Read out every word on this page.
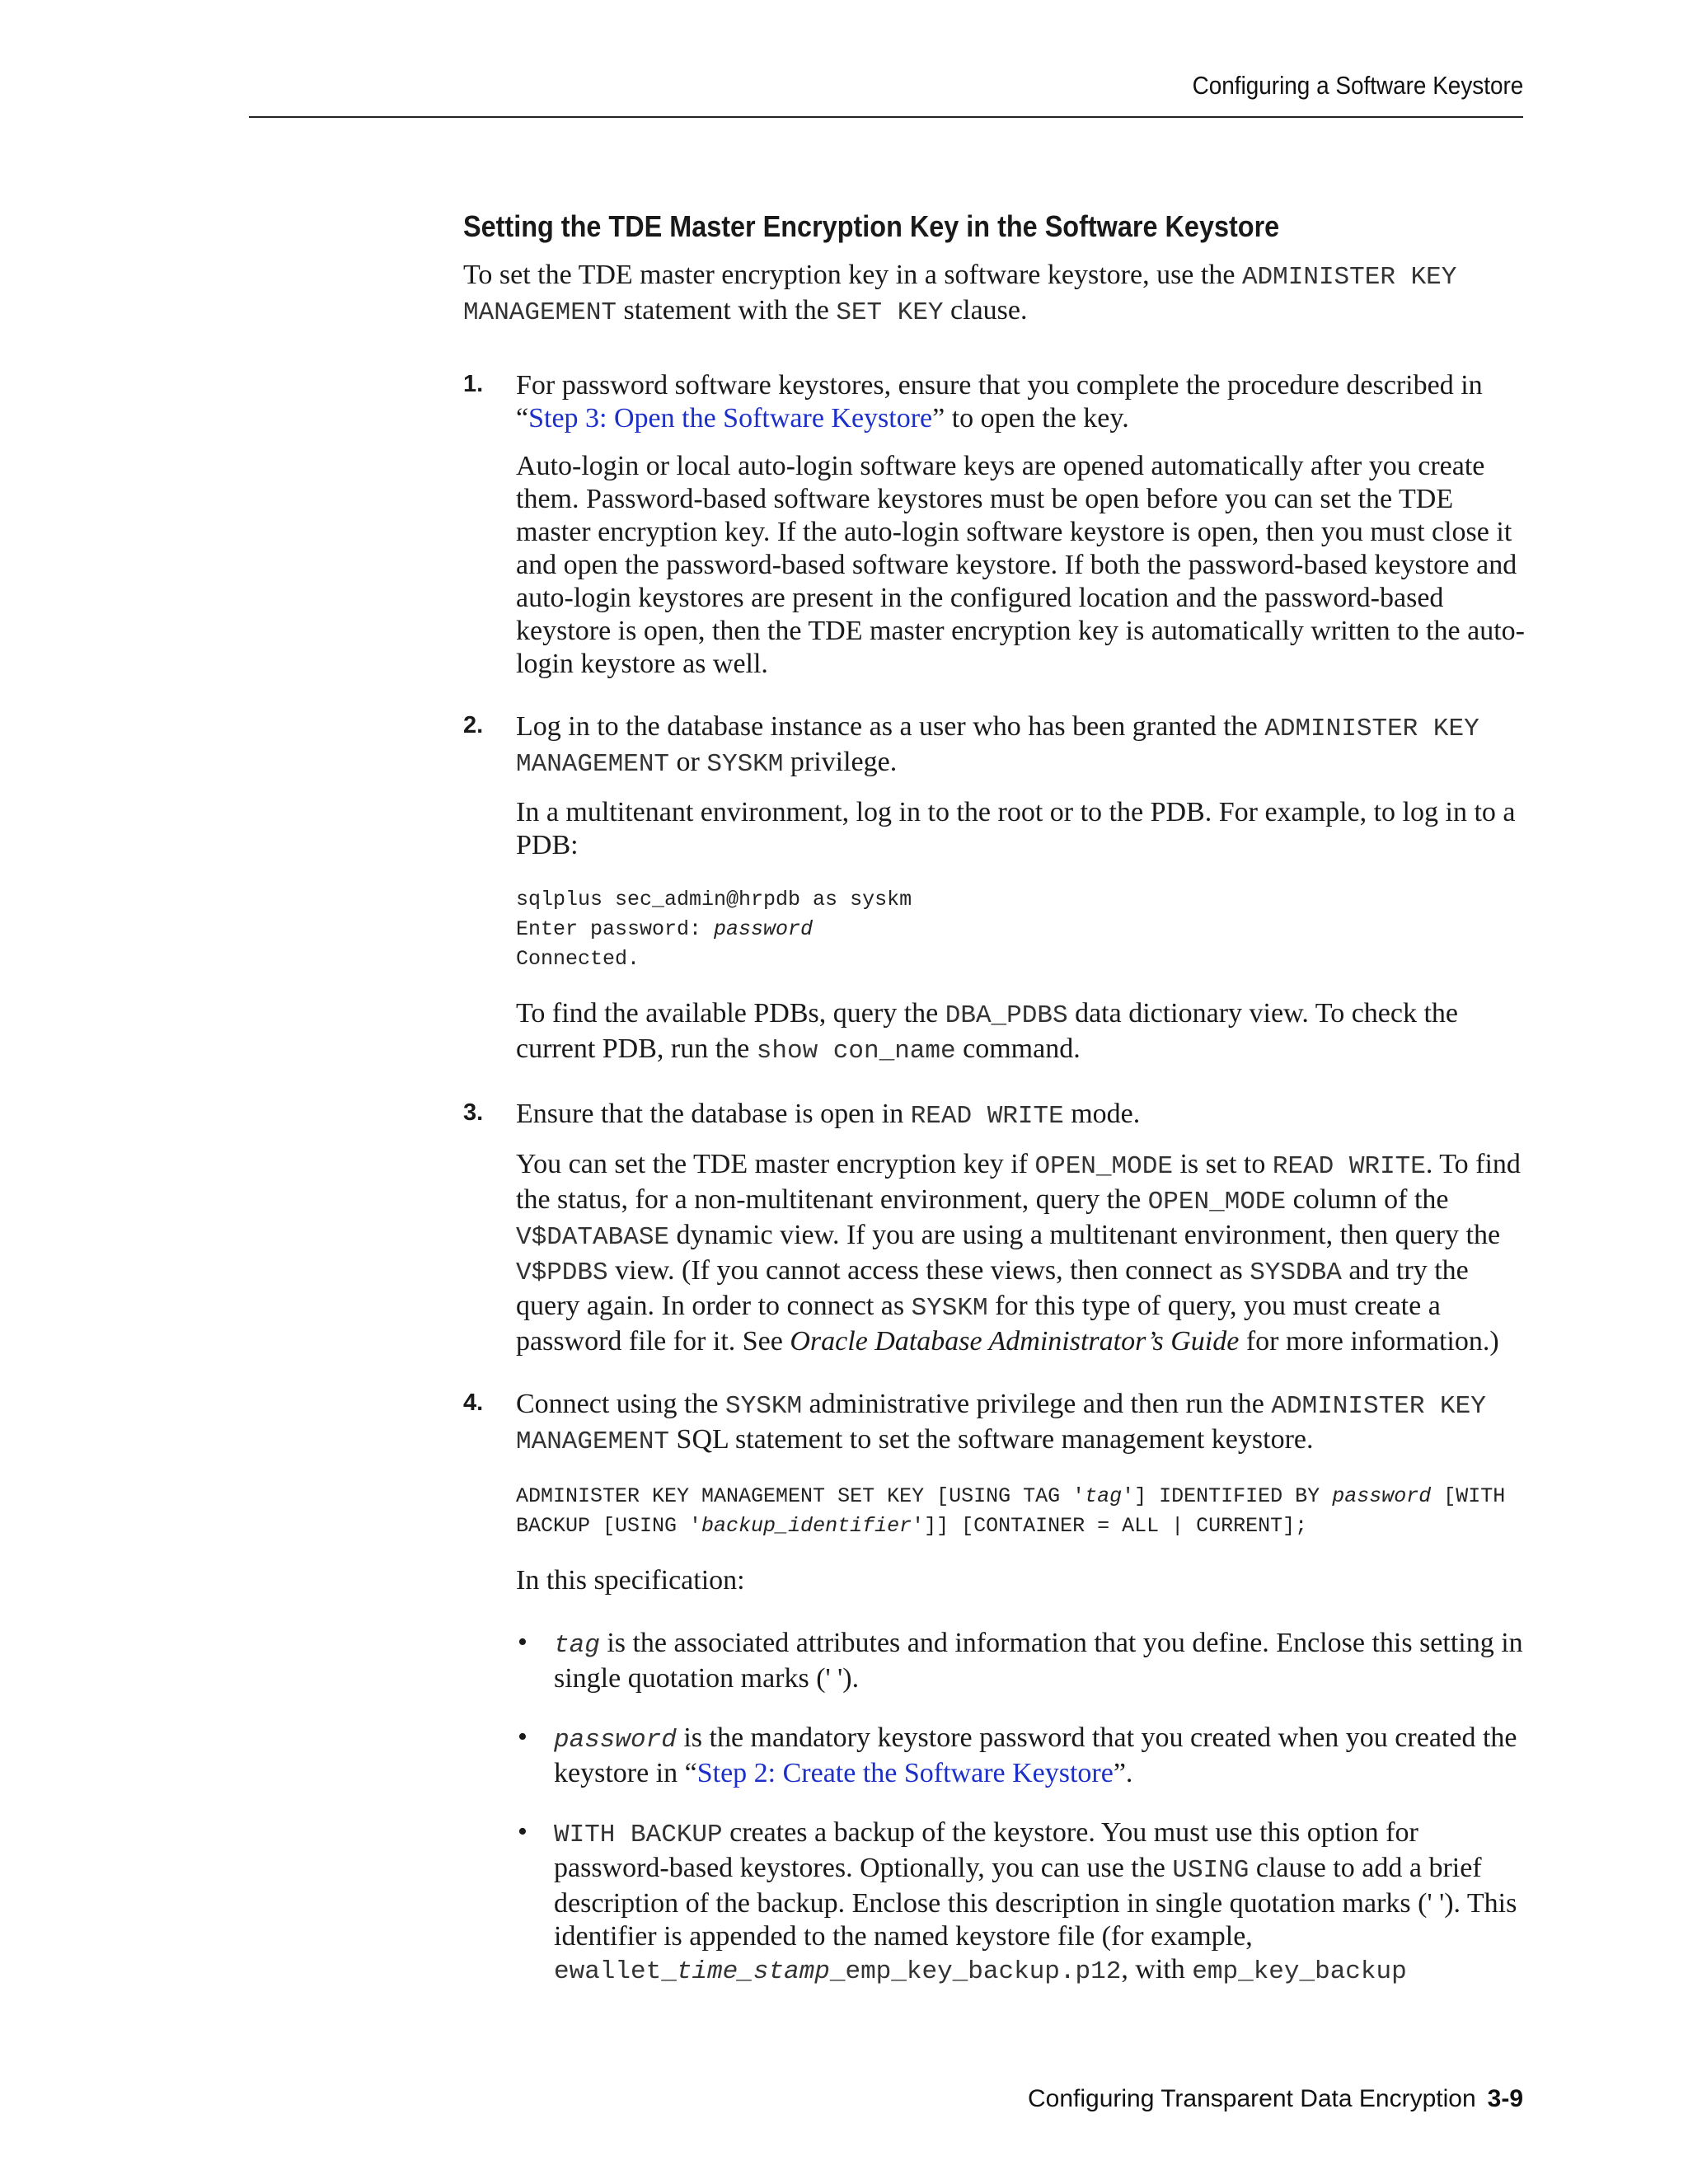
Configuring a Software Keystore
Setting the TDE Master Encryption Key in the Software Keystore

To set the TDE master encryption key in a software keystore, use the ADMINISTER KEY MANAGEMENT statement with the SET KEY clause.

1. For password software keystores, ensure that you complete the procedure described in “Step 3: Open the Software Keystore” to open the key.

Auto-login or local auto-login software keys are opened automatically after you create them. Password-based software keystores must be open before you can set the TDE master encryption key. If the auto-login software keystore is open, then you must close it and open the password-based software keystore. If both the password-based keystore and auto-login keystores are present in the configured location and the password-based keystore is open, then the TDE master encryption key is automatically written to the auto-login keystore as well.

2. Log in to the database instance as a user who has been granted the ADMINISTER KEY MANAGEMENT or SYSKM privilege.

In a multitenant environment, log in to the root or to the PDB. For example, to log in to a PDB:

sqlplus sec_admin@hrpdb as syskm
Enter password: password
Connected.

To find the available PDBs, query the DBA_PDBS data dictionary view. To check the current PDB, run the show con_name command.

3. Ensure that the database is open in READ WRITE mode.

You can set the TDE master encryption key if OPEN_MODE is set to READ WRITE. To find the status, for a non-multitenant environment, query the OPEN_MODE column of the V$DATABASE dynamic view. If you are using a multitenant environment, then query the V$PDBS view. (If you cannot access these views, then connect as SYSDBA and try the query again. In order to connect as SYSKM for this type of query, you must create a password file for it. See Oracle Database Administrator’s Guide for more information.)

4. Connect using the SYSKM administrative privilege and then run the ADMINISTER KEY MANAGEMENT SQL statement to set the software management keystore.

ADMINISTER KEY MANAGEMENT SET KEY [USING TAG 'tag'] IDENTIFIED BY password [WITH
BACKUP [USING 'backup_identifier']] [CONTAINER = ALL | CURRENT];

In this specification:

• tag is the associated attributes and information that you define. Enclose this setting in single quotation marks (' ').

• password is the mandatory keystore password that you created when you created the keystore in “Step 2: Create the Software Keystore”.

• WITH BACKUP creates a backup of the keystore. You must use this option for password-based keystores. Optionally, you can use the USING clause to add a brief description of the backup. Enclose this description in single quotation marks (' '). This identifier is appended to the named keystore file (for example, ewallet_time_stamp_emp_key_backup.p12, with emp_key_backup

Configuring Transparent Data Encryption 3-9
